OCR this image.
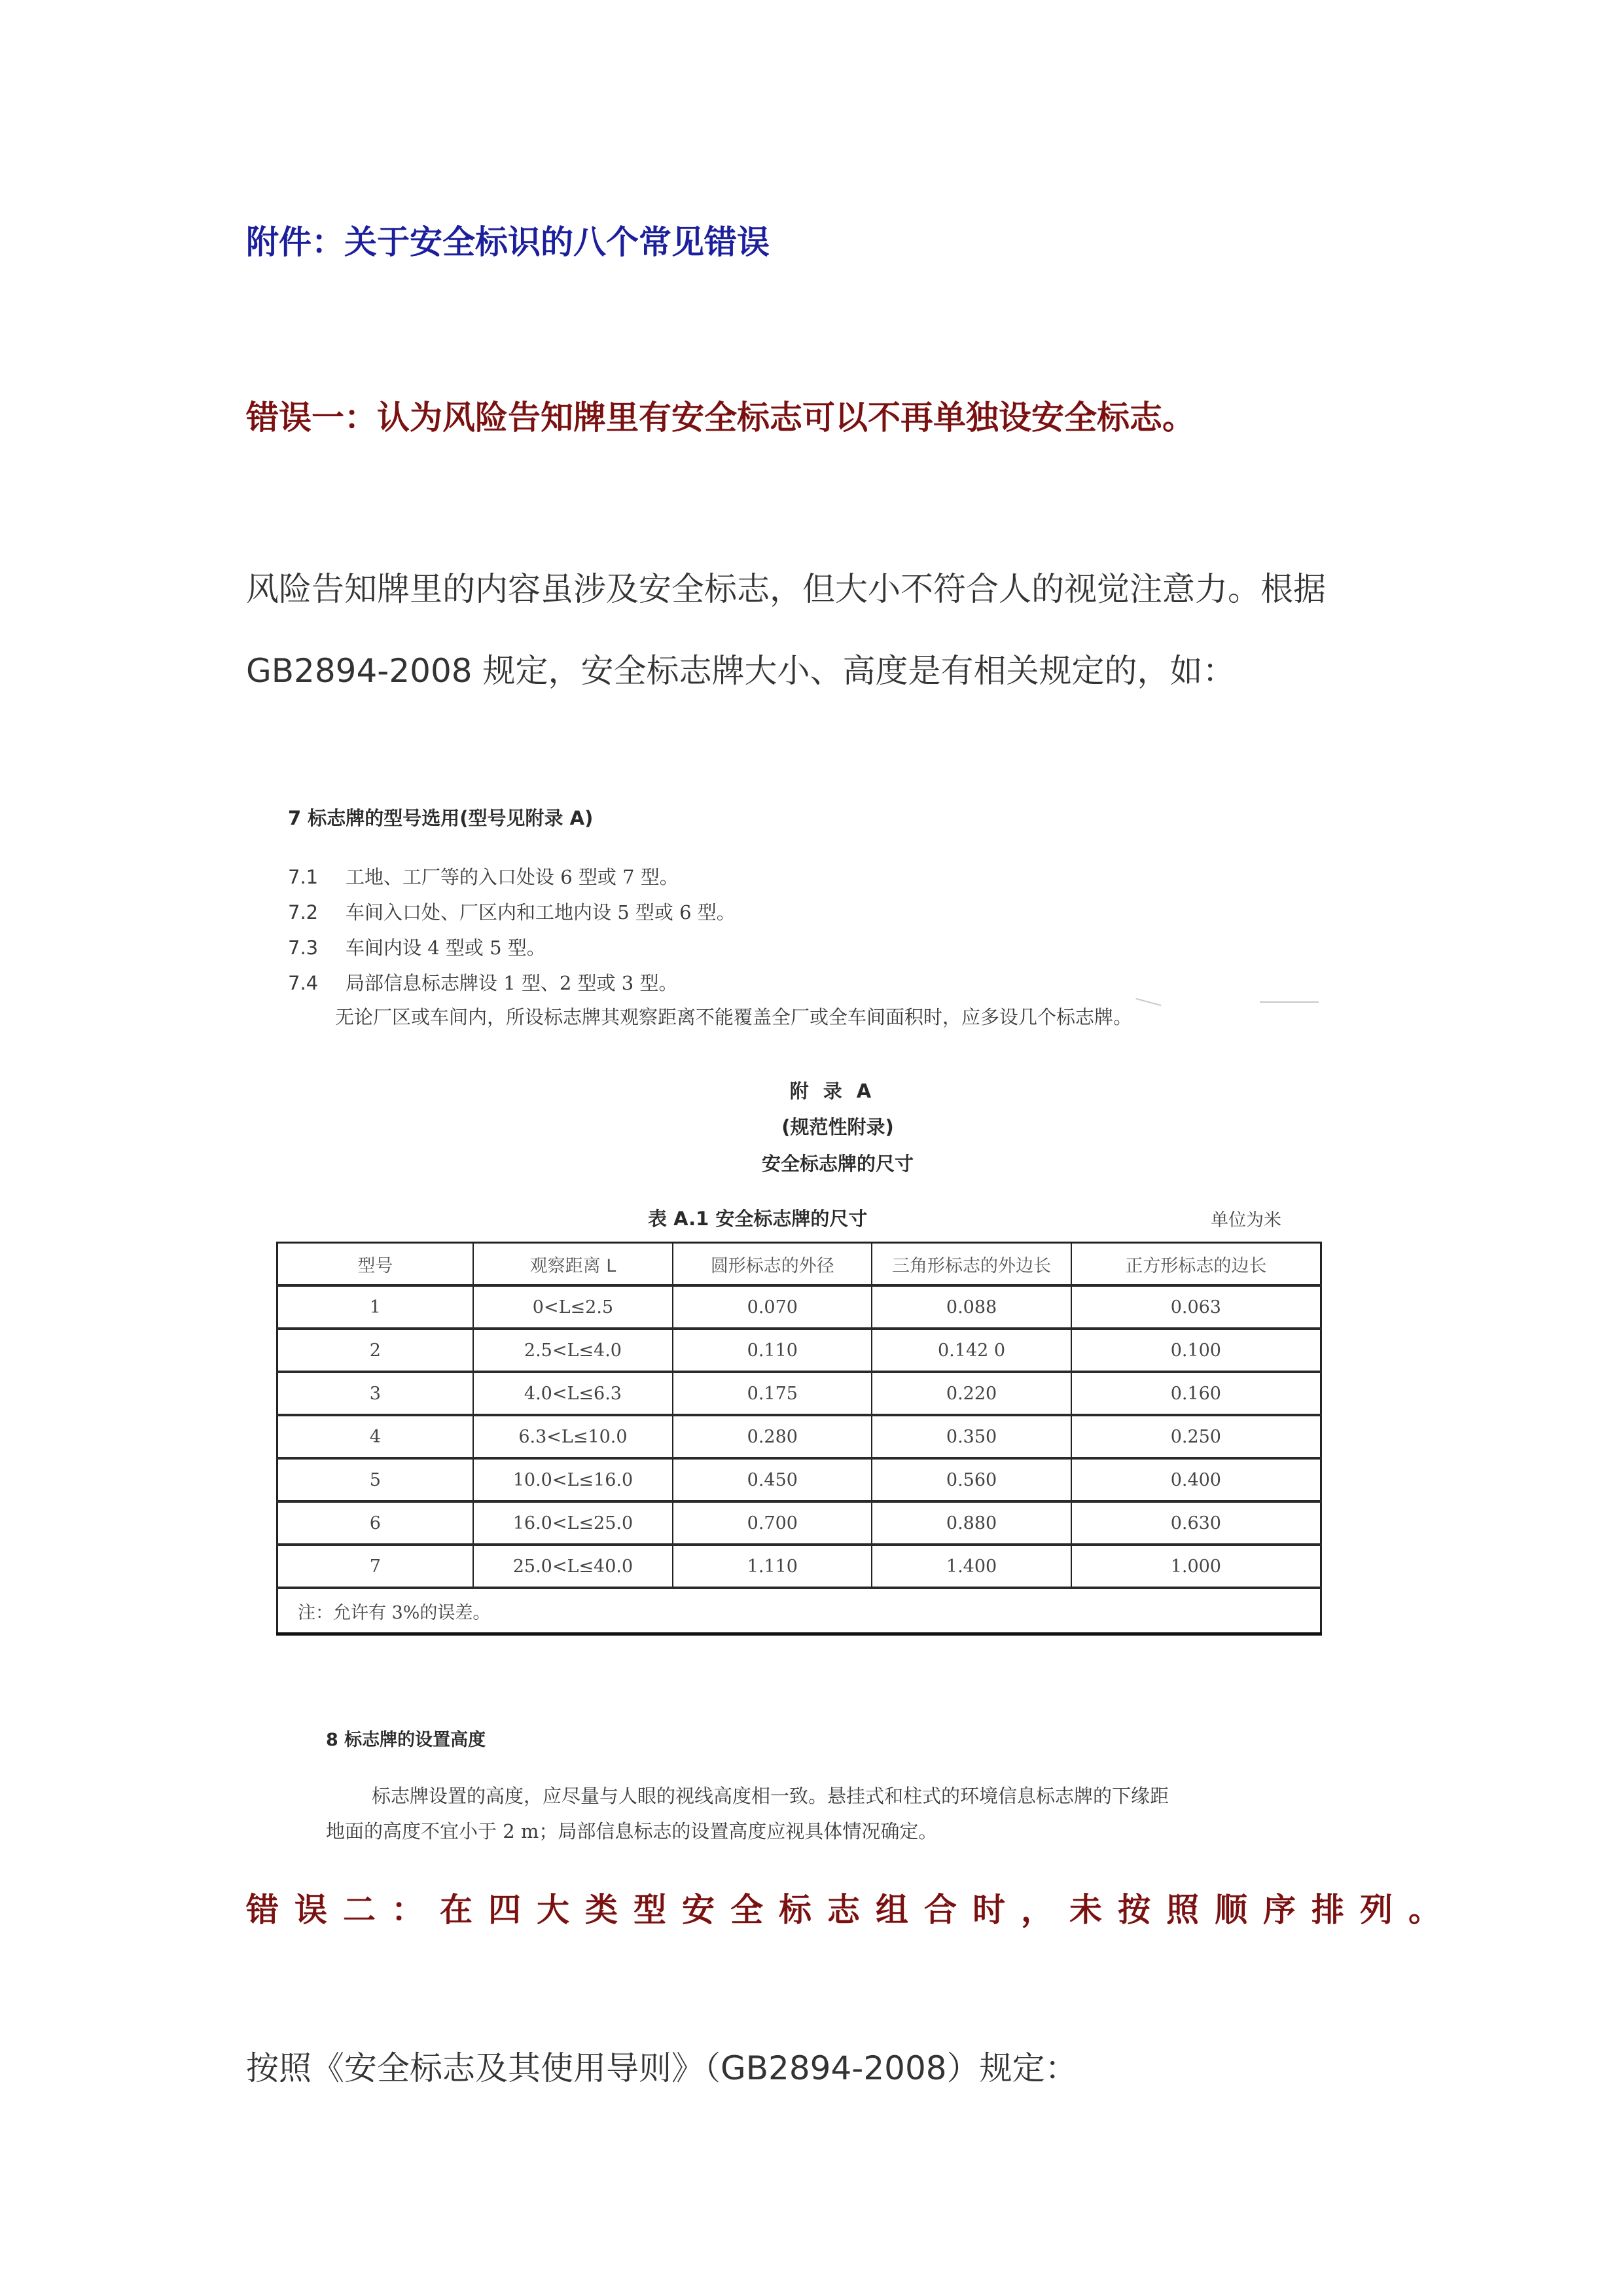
附件：关于安全标识的八个常见错误
错误一：认为风险告知牌里有安全标志可以不再单独设安全标志。
风险告知牌里的内容虽涉及安全标志，但大小不符合人的视觉注意力。根据
GB2894-2008 规定，安全标志牌大小、高度是有相关规定的，如：
7 标志牌的型号选用(型号见附录 A)
7.1 工地、工厂等的入口处设 6 型或 7 型。
7.2 车间入口处、厂区内和工地内设 5 型或 6 型。
7.3 车间内设 4 型或 5 型。
7.4 局部信息标志牌设 1 型、2 型或 3 型。
无论厂区或车间内，所设标志牌其观察距离不能覆盖全厂或全车间面积时，应多设几个标志牌。
附录A
(规范性附录)
安全标志牌的尺寸
表 A.1 安全标志牌的尺寸	单位为米
型号	观察距离 L	圆形标志的外径	三角形标志的外边长	正方形标志的边长
1	0<L≤2.5	0.070	0.088	0.063
2	2.5<L≤4.0	0.110	0.142 0	0.100
3	4.0<L≤6.3	0.175	0.220	0.160
4	6.3<L≤10.0	0.280	0.350	0.250
5	10.0<L≤16.0	0.450	0.560	0.400
6	16.0<L≤25.0	0.700	0.880	0.630
7	25.0<L≤40.0	1.110	1.400	1.000
注：允许有 3%的误差。				
8 标志牌的设置高度
标志牌设置的高度，应尽量与人眼的视线高度相一致。悬挂式和柱式的环境信息标志牌的下缘距
地面的高度不宜小于 2 m；局部信息标志的设置高度应视具体情况确定。
错误二：在四大类型安全标志组合时，未按照顺序排列。
按照《安全标志及其使用导则》（GB2894-2008）规定：
